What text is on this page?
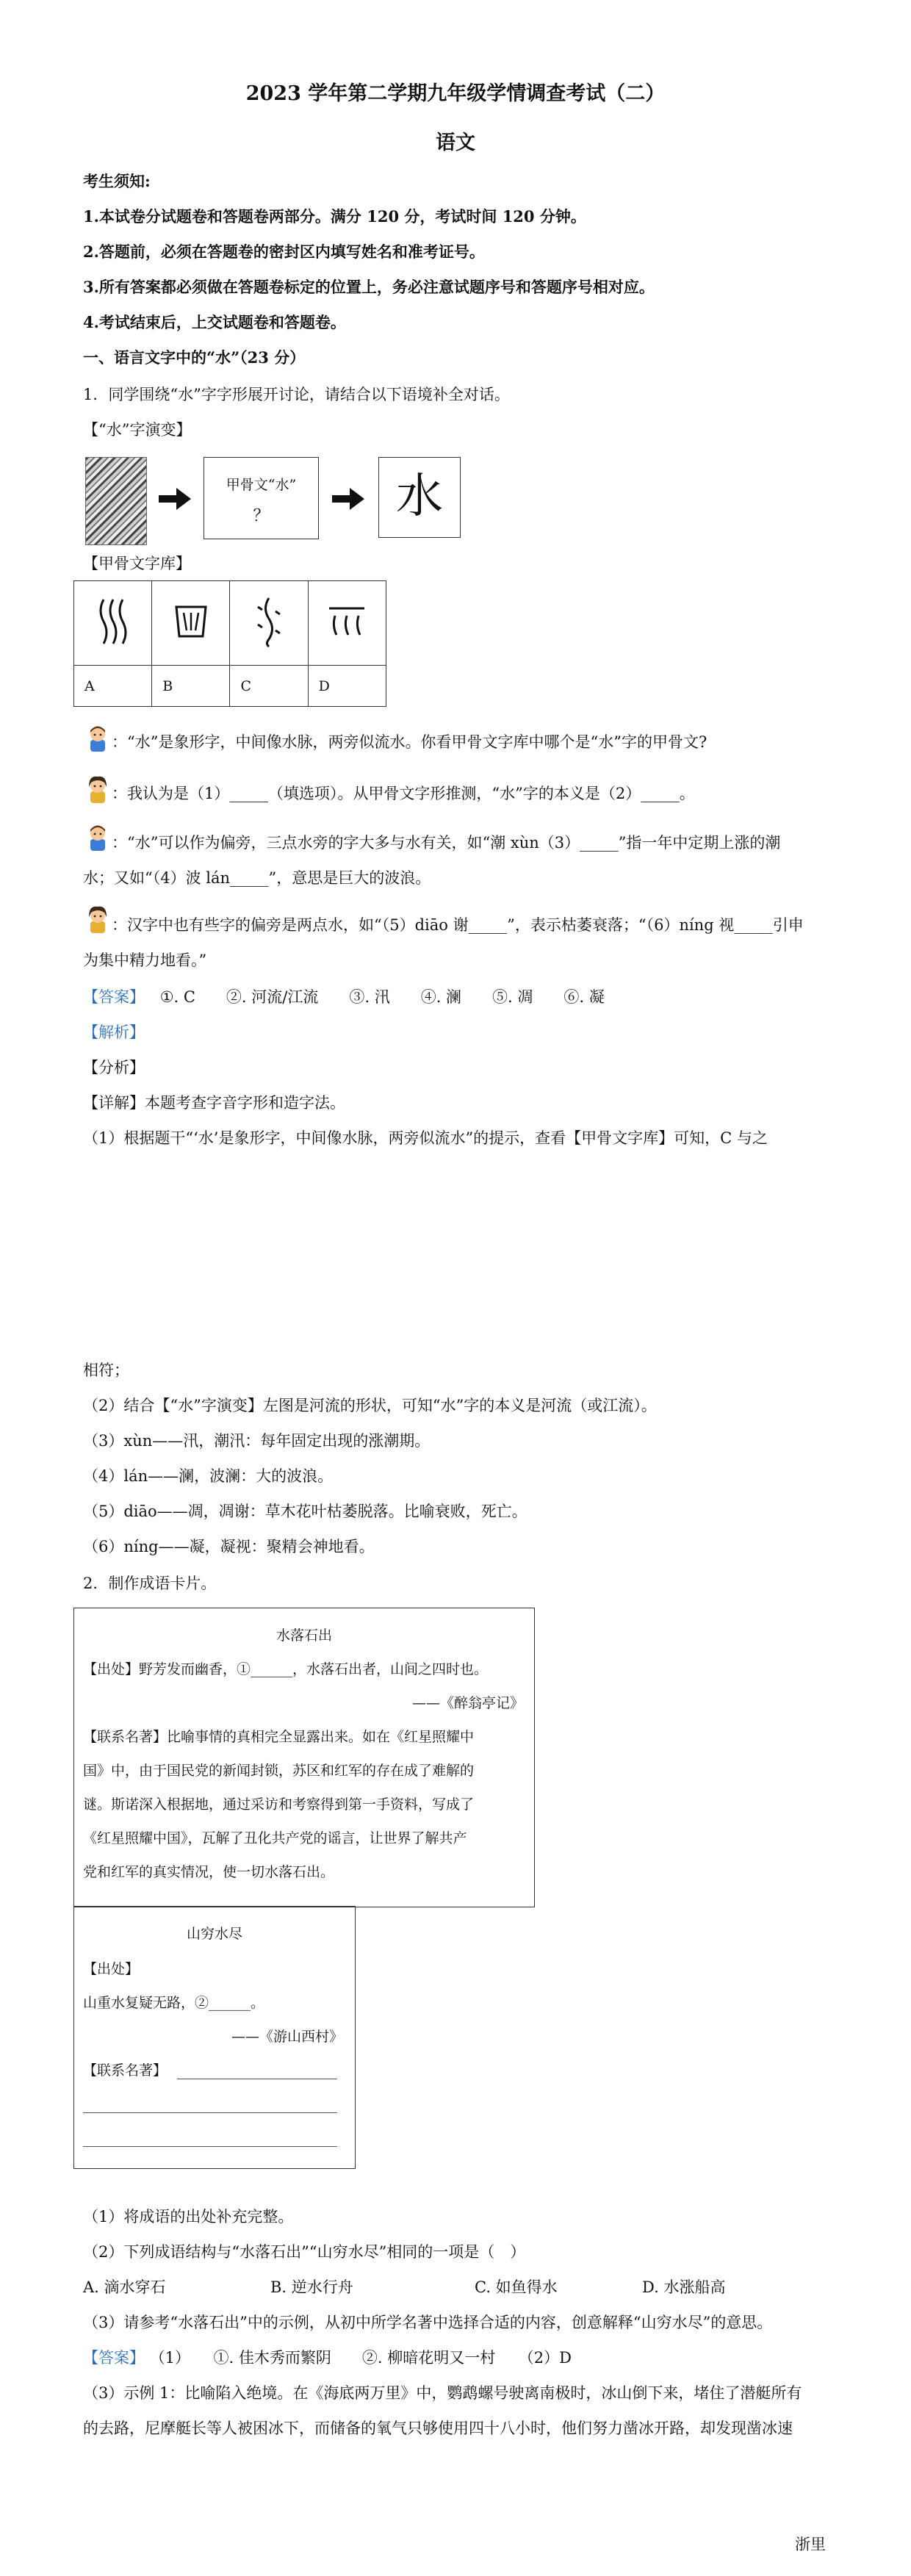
2023 学年第二学期九年级学情调查考试（二）
语文
考生须知:
1.本试卷分试题卷和答题卷两部分。满分 120 分，考试时间 120 分钟。
2.答题前，必须在答题卷的密封区内填写姓名和准考证号。
3.所有答案都必须做在答题卷标定的位置上，务必注意试题序号和答题序号相对应。
4.考试结束后，上交试题卷和答题卷。
一、语言文字中的“水”（23 分）
1．同学围绕“水”字字形展开讨论，请结合以下语境补全对话。
【“水”字演变】
甲骨文“水”
？	水
【甲骨文字库】

A	B	C	D
：“水”是象形字，中间像水脉，两旁似流水。你看甲骨文字库中哪个是“水”字的甲骨文?
：我认为是（1）_____（填选项）。从甲骨文字形推测，“水”字的本义是（2）_____。
：“水”可以作为偏旁，三点水旁的字大多与水有关，如“潮 xùn（3）_____”指一年中定期上涨的潮
水；又如“（4）波 lán_____”，意思是巨大的波浪。
：汉字中也有些字的偏旁是两点水，如“（5）diāo 谢_____”，表示枯萎衰落；“（6）níng 视_____引申
为集中精力地看。”
【答案】 ①. C　　②. 河流/江流　　③. 汛　　④. 澜　　⑤. 凋　　⑥. 凝
【解析】
【分析】
【详解】本题考查字音字形和造字法。
（1）根据题干“‘水’是象形字，中间像水脉，两旁似流水”的提示，查看【甲骨文字库】可知，C 与之
相符；
（2）结合【“水”字演变】左图是河流的形状，可知“水”字的本义是河流（或江流）。
（3）xùn——汛，潮汛：每年固定出现的涨潮期。
（4）lán——澜，波澜：大的波浪。
（5）diāo——凋，凋谢：草木花叶枯萎脱落。比喻衰败，死亡。
（6）níng——凝，凝视：聚精会神地看。
2．制作成语卡片。
水落石出
【出处】野芳发而幽香，①______，水落石出者，山间之四时也。
——《醉翁亭记》
【联系名著】比喻事情的真相完全显露出来。如在《红星照耀中
国》中，由于国民党的新闻封锁，苏区和红军的存在成了难解的
谜。斯诺深入根据地，通过采访和考察得到第一手资料，写成了
《红星照耀中国》，瓦解了丑化共产党的谣言，让世界了解共产
党和红军的真实情况，使一切水落石出。
山穷水尽
【出处】
山重水复疑无路，②______。
——《游山西村》
【联系名著】
（1）将成语的出处补充完整。
（2）下列成语结构与“水落石出”“山穷水尽”相同的一项是（　）
A. 滴水穿石	B. 逆水行舟	C. 如鱼得水	D. 水涨船高
（3）请参考“水落石出”中的示例，从初中所学名著中选择合适的内容，创意解释“山穷水尽”的意思。
【答案】 （1）　　①. 佳木秀而繁阴　　②. 柳暗花明又一村　　（2）D
（3）示例 1：比喻陷入绝境。在《海底两万里》中，鹦鹉螺号驶离南极时，冰山倒下来，堵住了潜艇所有
的去路，尼摩艇长等人被困冰下，而储备的氧气只够使用四十八小时，他们努力凿冰开路，却发现凿冰速
浙里
